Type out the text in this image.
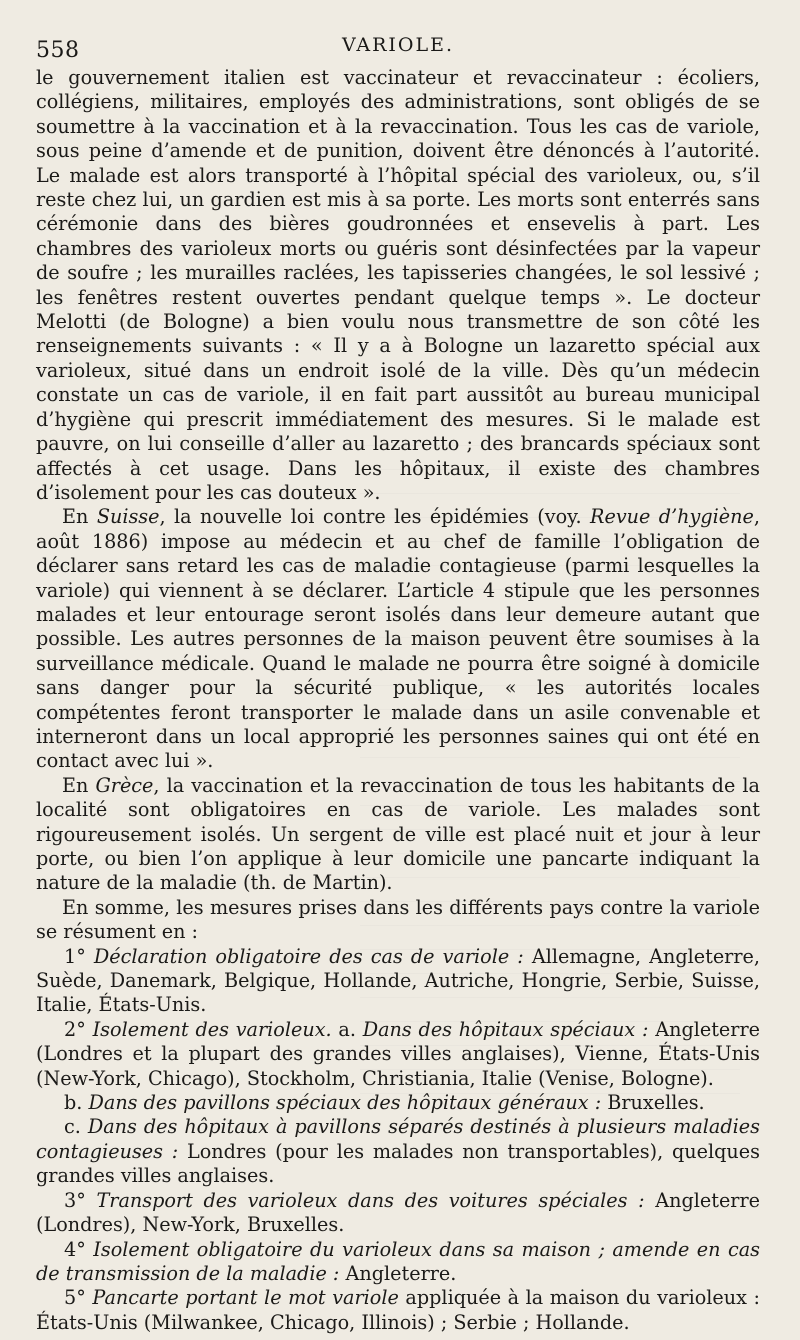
558	VARIOLE.

le gouvernement italien est vaccinateur et revaccinateur : écoliers, collégiens, militaires, employés des administrations, sont obligés de se soumettre à la vaccination et à la revaccination. Tous les cas de variole, sous peine d’amende et de punition, doivent être dénoncés à l’autorité. Le malade est alors transporté à l’hôpital spécial des varioleux, ou, s’il reste chez lui, un gardien est mis à sa porte. Les morts sont enterrés sans cérémonie dans des bières goudronnées et ensevelis à part. Les chambres des varioleux morts ou guéris sont désinfectées par la vapeur de soufre ; les murailles raclées, les tapisseries changées, le sol lessivé ; les fenêtres restent ouvertes pendant quelque temps ». Le docteur Melotti (de Bologne) a bien voulu nous transmettre de son côté les renseignements suivants : « Il y a à Bologne un lazaretto spécial aux varioleux, situé dans un endroit isolé de la ville. Dès qu’un médecin constate un cas de variole, il en fait part aussitôt au bureau municipal d’hygiène qui prescrit immédiatement des mesures. Si le malade est pauvre, on lui conseille d’aller au lazaretto ; des brancards spéciaux sont affectés à cet usage. Dans les hôpitaux, il existe des chambres d’isolement pour les cas douteux ».

En Suisse, la nouvelle loi contre les épidémies (voy. Revue d’hygiène, août 1886) impose au médecin et au chef de famille l’obligation de déclarer sans retard les cas de maladie contagieuse (parmi lesquelles la variole) qui viennent à se déclarer. L’article 4 stipule que les personnes malades et leur entourage seront isolés dans leur demeure autant que possible. Les autres personnes de la maison peuvent être soumises à la surveillance médicale. Quand le malade ne pourra être soigné à domicile sans danger pour la sécurité publique, « les autorités locales compétentes feront transporter le malade dans un asile convenable et interneront dans un local approprié les personnes saines qui ont été en contact avec lui ».

En Grèce, la vaccination et la revaccination de tous les habitants de la localité sont obligatoires en cas de variole. Les malades sont rigoureusement isolés. Un sergent de ville est placé nuit et jour à leur porte, ou bien l’on applique à leur domicile une pancarte indiquant la nature de la maladie (th. de Martin).

En somme, les mesures prises dans les différents pays contre la variole se résument en :

1° Déclaration obligatoire des cas de variole : Allemagne, Angleterre, Suède, Danemark, Belgique, Hollande, Autriche, Hongrie, Serbie, Suisse, Italie, États-Unis.

2° Isolement des varioleux. a. Dans des hôpitaux spéciaux : Angleterre (Londres et la plupart des grandes villes anglaises), Vienne, États-Unis (New-York, Chicago), Stockholm, Christiania, Italie (Venise, Bologne).

b. Dans des pavillons spéciaux des hôpitaux généraux : Bruxelles.

c. Dans des hôpitaux à pavillons séparés destinés à plusieurs maladies contagieuses : Londres (pour les malades non transportables), quelques grandes villes anglaises.

3° Transport des varioleux dans des voitures spéciales : Angleterre (Londres), New-York, Bruxelles.

4° Isolement obligatoire du varioleux dans sa maison ; amende en cas de transmission de la maladie : Angleterre.

5° Pancarte portant le mot variole appliquée à la maison du varioleux : États-Unis (Milwankee, Chicago, Illinois) ; Serbie ; Hollande.
